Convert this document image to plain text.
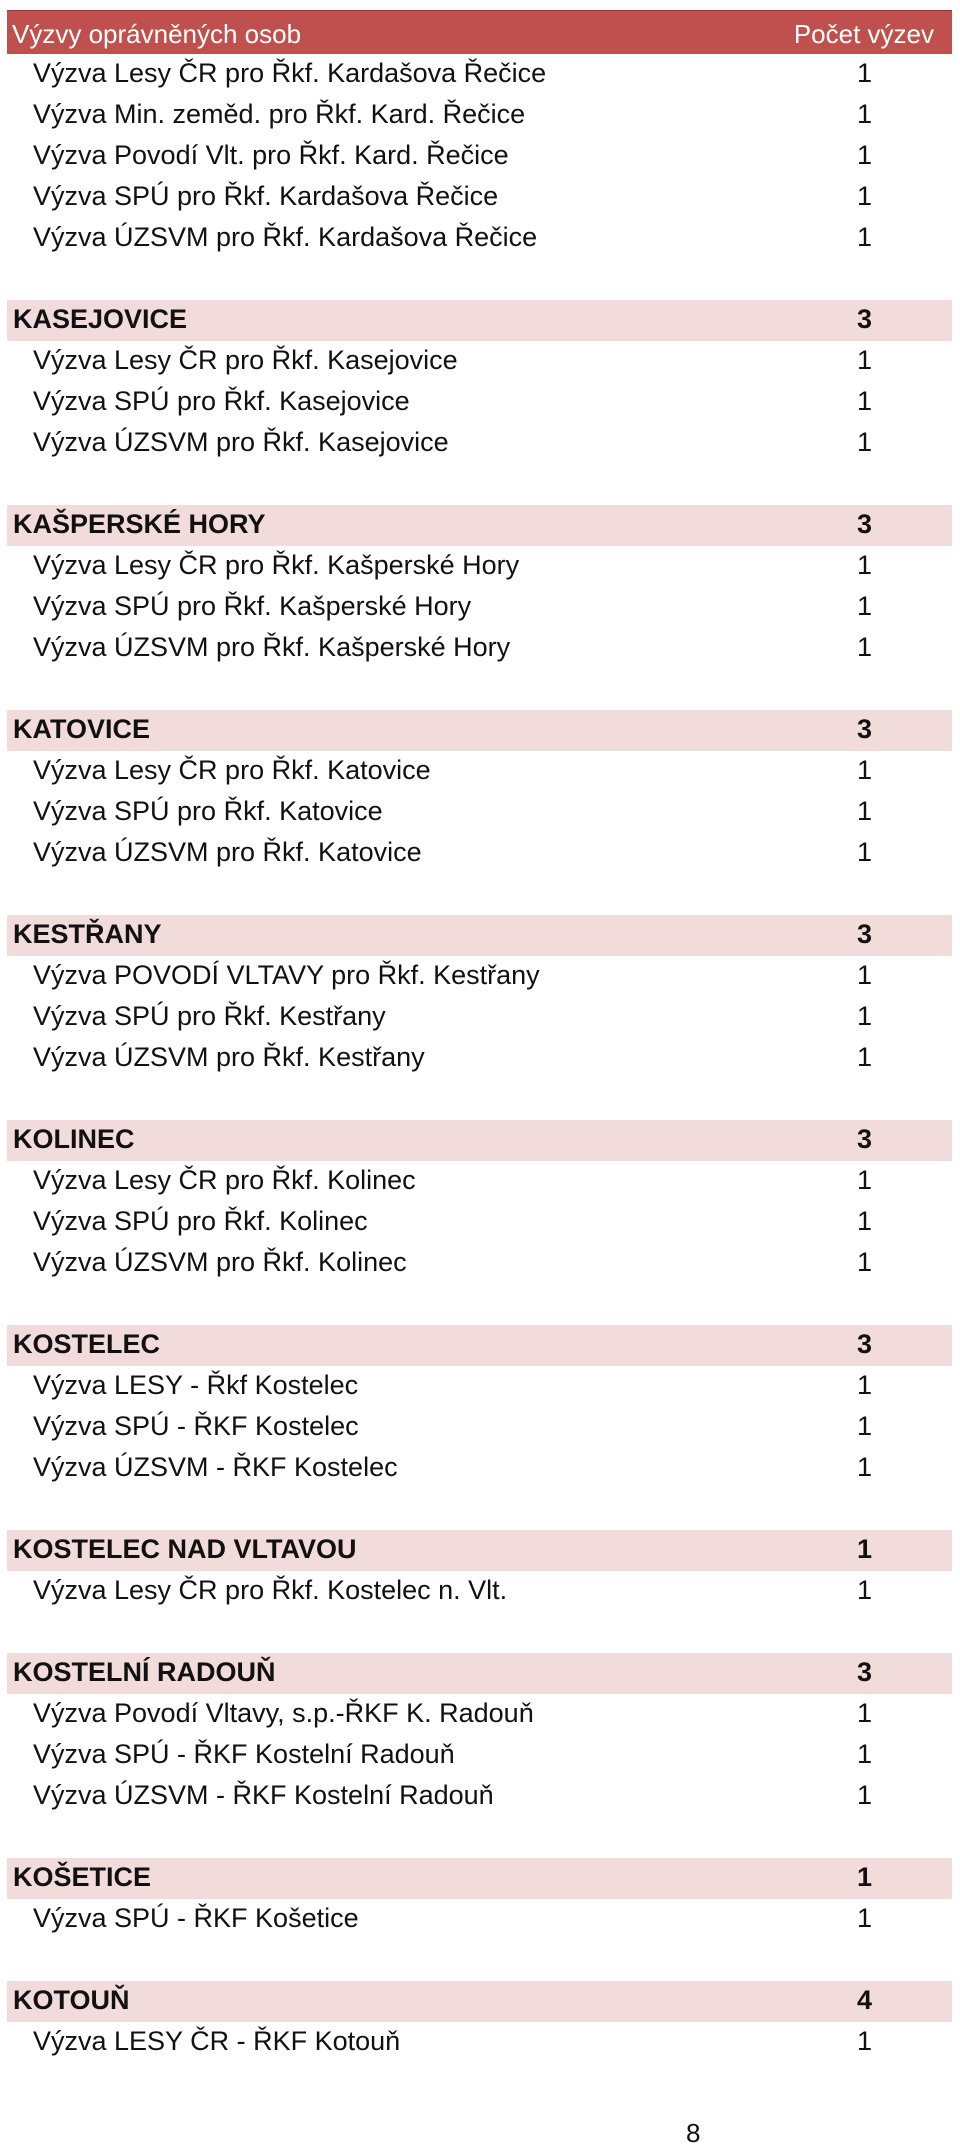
Výzvy oprávněných osob	Počet výzev
Výzva Lesy ČR pro Řkf. Kardašova Řečice	1
Výzva Min. zeměd. pro Řkf. Kard. Řečice	1
Výzva Povodí Vlt. pro Řkf. Kard. Řečice	1
Výzva SPÚ pro Řkf. Kardašova Řečice	1
Výzva ÚZSVM pro Řkf. Kardašova Řečice	1
KASEJOVICE	3
Výzva Lesy ČR pro Řkf. Kasejovice	1
Výzva SPÚ pro Řkf. Kasejovice	1
Výzva ÚZSVM pro Řkf. Kasejovice	1
KAŠPERSKÉ HORY	3
Výzva Lesy ČR pro Řkf. Kašperské Hory	1
Výzva SPÚ pro Řkf. Kašperské Hory	1
Výzva ÚZSVM pro Řkf. Kašperské Hory	1
KATOVICE	3
Výzva Lesy ČR pro Řkf. Katovice	1
Výzva SPÚ pro Řkf. Katovice	1
Výzva ÚZSVM pro Řkf. Katovice	1
KESTŘANY	3
Výzva POVODÍ VLTAVY pro Řkf. Kestřany	1
Výzva SPÚ pro Řkf. Kestřany	1
Výzva ÚZSVM pro Řkf. Kestřany	1
KOLINEC	3
Výzva Lesy ČR pro Řkf. Kolinec	1
Výzva SPÚ pro Řkf. Kolinec	1
Výzva ÚZSVM pro Řkf. Kolinec	1
KOSTELEC	3
Výzva LESY - Řkf Kostelec	1
Výzva SPÚ - ŘKF Kostelec	1
Výzva ÚZSVM - ŘKF Kostelec	1
KOSTELEC NAD VLTAVOU	1
Výzva Lesy ČR pro Řkf. Kostelec n. Vlt.	1
KOSTELNÍ RADOUŇ	3
Výzva Povodí Vltavy, s.p.-ŘKF K. Radouň	1
Výzva SPÚ - ŘKF Kostelní Radouň	1
Výzva ÚZSVM - ŘKF Kostelní Radouň	1
KOŠETICE	1
Výzva SPÚ - ŘKF Košetice	1
KOTOUŇ	4
Výzva LESY ČR - ŘKF Kotouň	1
8
